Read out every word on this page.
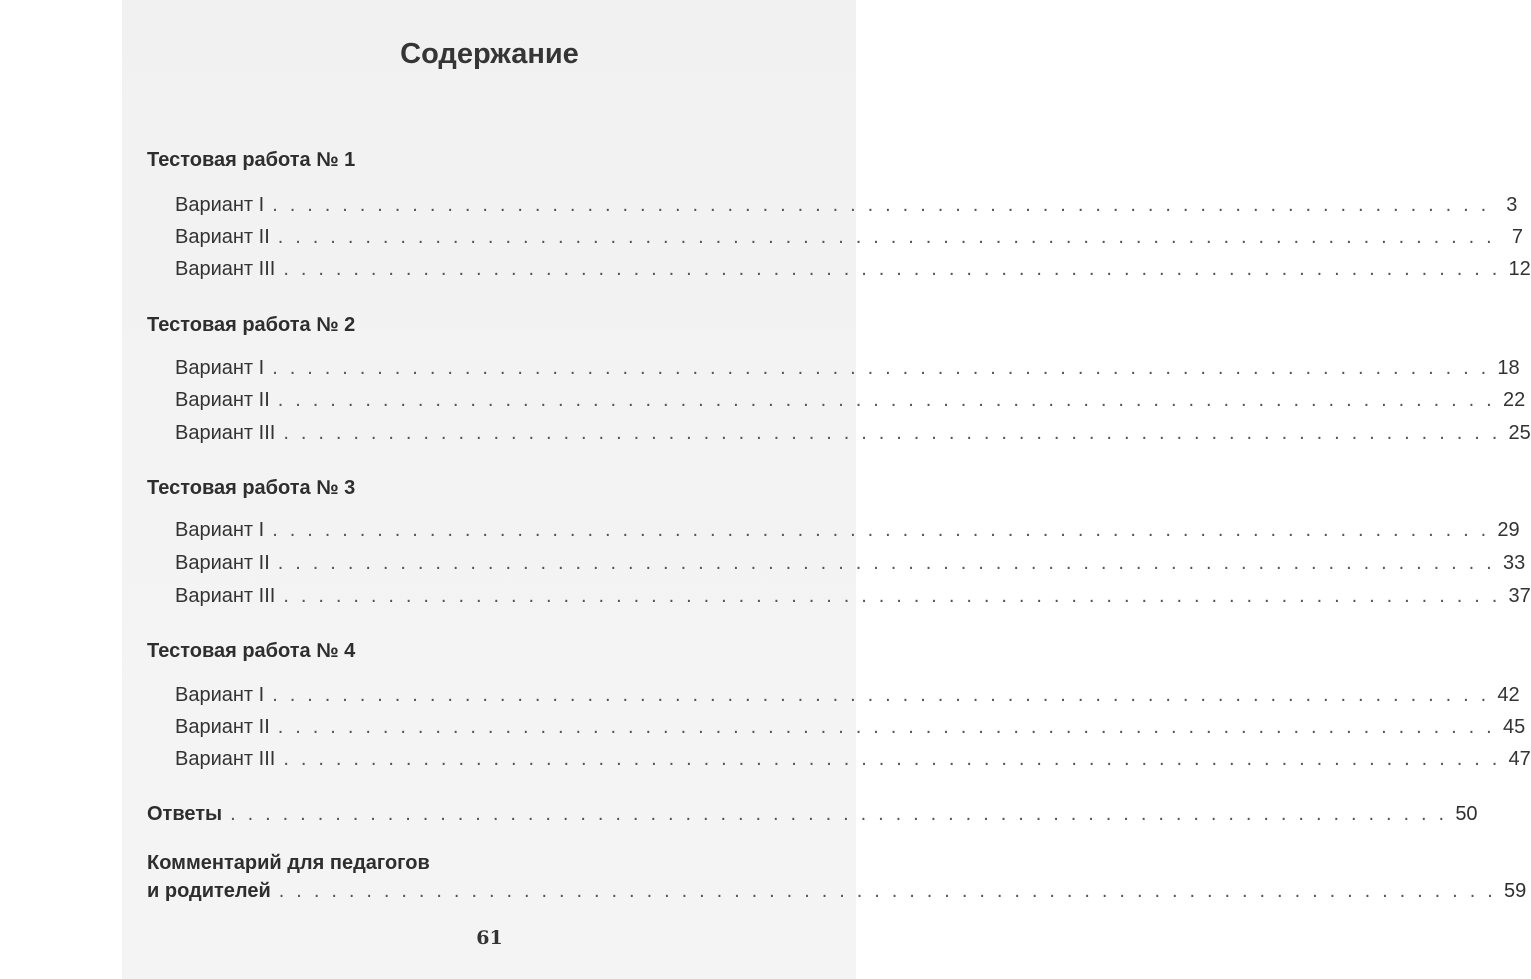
Содержание
Тестовая работа № 1
Вариант I . . . . . . . . . . . . . . . . . . . . . . . . . . . . . . . . . . . . . . . . . . . . . . . . . . . . . . . . . . . . . . . . . . . . . . 3
Вариант II . . . . . . . . . . . . . . . . . . . . . . . . . . . . . . . . . . . . . . . . . . . . . . . . . . . . . . . . . . . . . . . . . . . . . . 7
Вариант III . . . . . . . . . . . . . . . . . . . . . . . . . . . . . . . . . . . . . . . . . . . . . . . . . . . . . . . . . . . . . . . . . . . . . . 12
Тестовая работа № 2
Вариант I . . . . . . . . . . . . . . . . . . . . . . . . . . . . . . . . . . . . . . . . . . . . . . . . . . . . . . . . . . . . . . . . . . . . . . 18
Вариант II . . . . . . . . . . . . . . . . . . . . . . . . . . . . . . . . . . . . . . . . . . . . . . . . . . . . . . . . . . . . . . . . . . . . . . 22
Вариант III . . . . . . . . . . . . . . . . . . . . . . . . . . . . . . . . . . . . . . . . . . . . . . . . . . . . . . . . . . . . . . . . . . . . . . 25
Тестовая работа № 3
Вариант I . . . . . . . . . . . . . . . . . . . . . . . . . . . . . . . . . . . . . . . . . . . . . . . . . . . . . . . . . . . . . . . . . . . . . . 29
Вариант II . . . . . . . . . . . . . . . . . . . . . . . . . . . . . . . . . . . . . . . . . . . . . . . . . . . . . . . . . . . . . . . . . . . . . . 33
Вариант III . . . . . . . . . . . . . . . . . . . . . . . . . . . . . . . . . . . . . . . . . . . . . . . . . . . . . . . . . . . . . . . . . . . . . . 37
Тестовая работа № 4
Вариант I . . . . . . . . . . . . . . . . . . . . . . . . . . . . . . . . . . . . . . . . . . . . . . . . . . . . . . . . . . . . . . . . . . . . . . 42
Вариант II . . . . . . . . . . . . . . . . . . . . . . . . . . . . . . . . . . . . . . . . . . . . . . . . . . . . . . . . . . . . . . . . . . . . . . 45
Вариант III . . . . . . . . . . . . . . . . . . . . . . . . . . . . . . . . . . . . . . . . . . . . . . . . . . . . . . . . . . . . . . . . . . . . . . 47
Ответы . . . . . . . . . . . . . . . . . . . . . . . . . . . . . . . . . . . . . . . . . . . . . . . . . . . . . . . . . . . . . . . . . . . . . . 50
Комментарий для педагогов
и родителей . . . . . . . . . . . . . . . . . . . . . . . . . . . . . . . . . . . . . . . . . . . . . . . . . . . . . . . . . . . . . . . . . . . . . . 59
61
